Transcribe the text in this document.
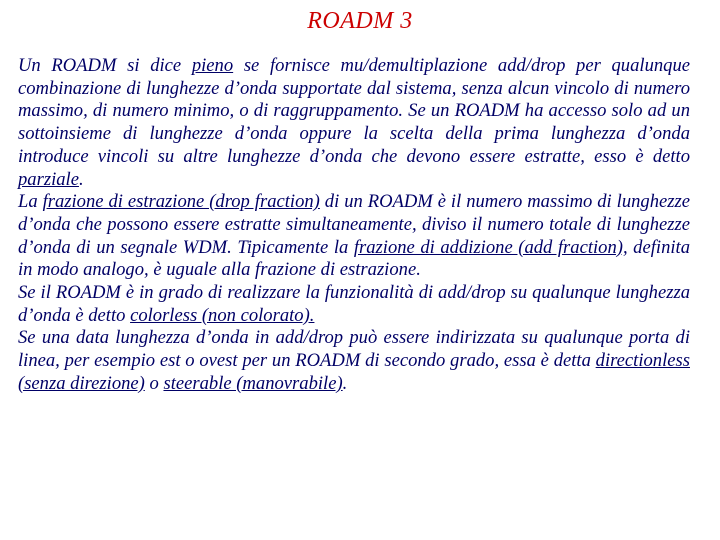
ROADM 3

Un ROADM si dice pieno se fornisce mu/demultiplazione add/drop per qualunque combinazione di lunghezze d’onda supportate dal sistema, senza alcun vincolo di numero massimo, di numero minimo, o di raggruppamento. Se un ROADM ha accesso solo ad un sottoinsieme di lunghezze d’onda oppure la scelta della prima lunghezza d’onda introduce vincoli su altre lunghezze d’onda che devono essere estratte, esso è detto parziale.

La frazione di estrazione (drop fraction) di un ROADM è il numero massimo di lunghezze d’onda che possono essere estratte simultaneamente, diviso il numero totale di lunghezze d’onda di un segnale WDM. Tipicamente la frazione di addizione (add fraction), definita in modo analogo, è uguale alla frazione di estrazione.

Se il ROADM è in grado di realizzare la funzionalità di add/drop su qualunque lunghezza d’onda è detto colorless (non colorato).

Se una data lunghezza d’onda in add/drop può essere indirizzata su qualunque porta di linea, per esempio est o ovest per un ROADM di secondo grado, essa è detta directionless (senza direzione) o steerable (manovrabile).
